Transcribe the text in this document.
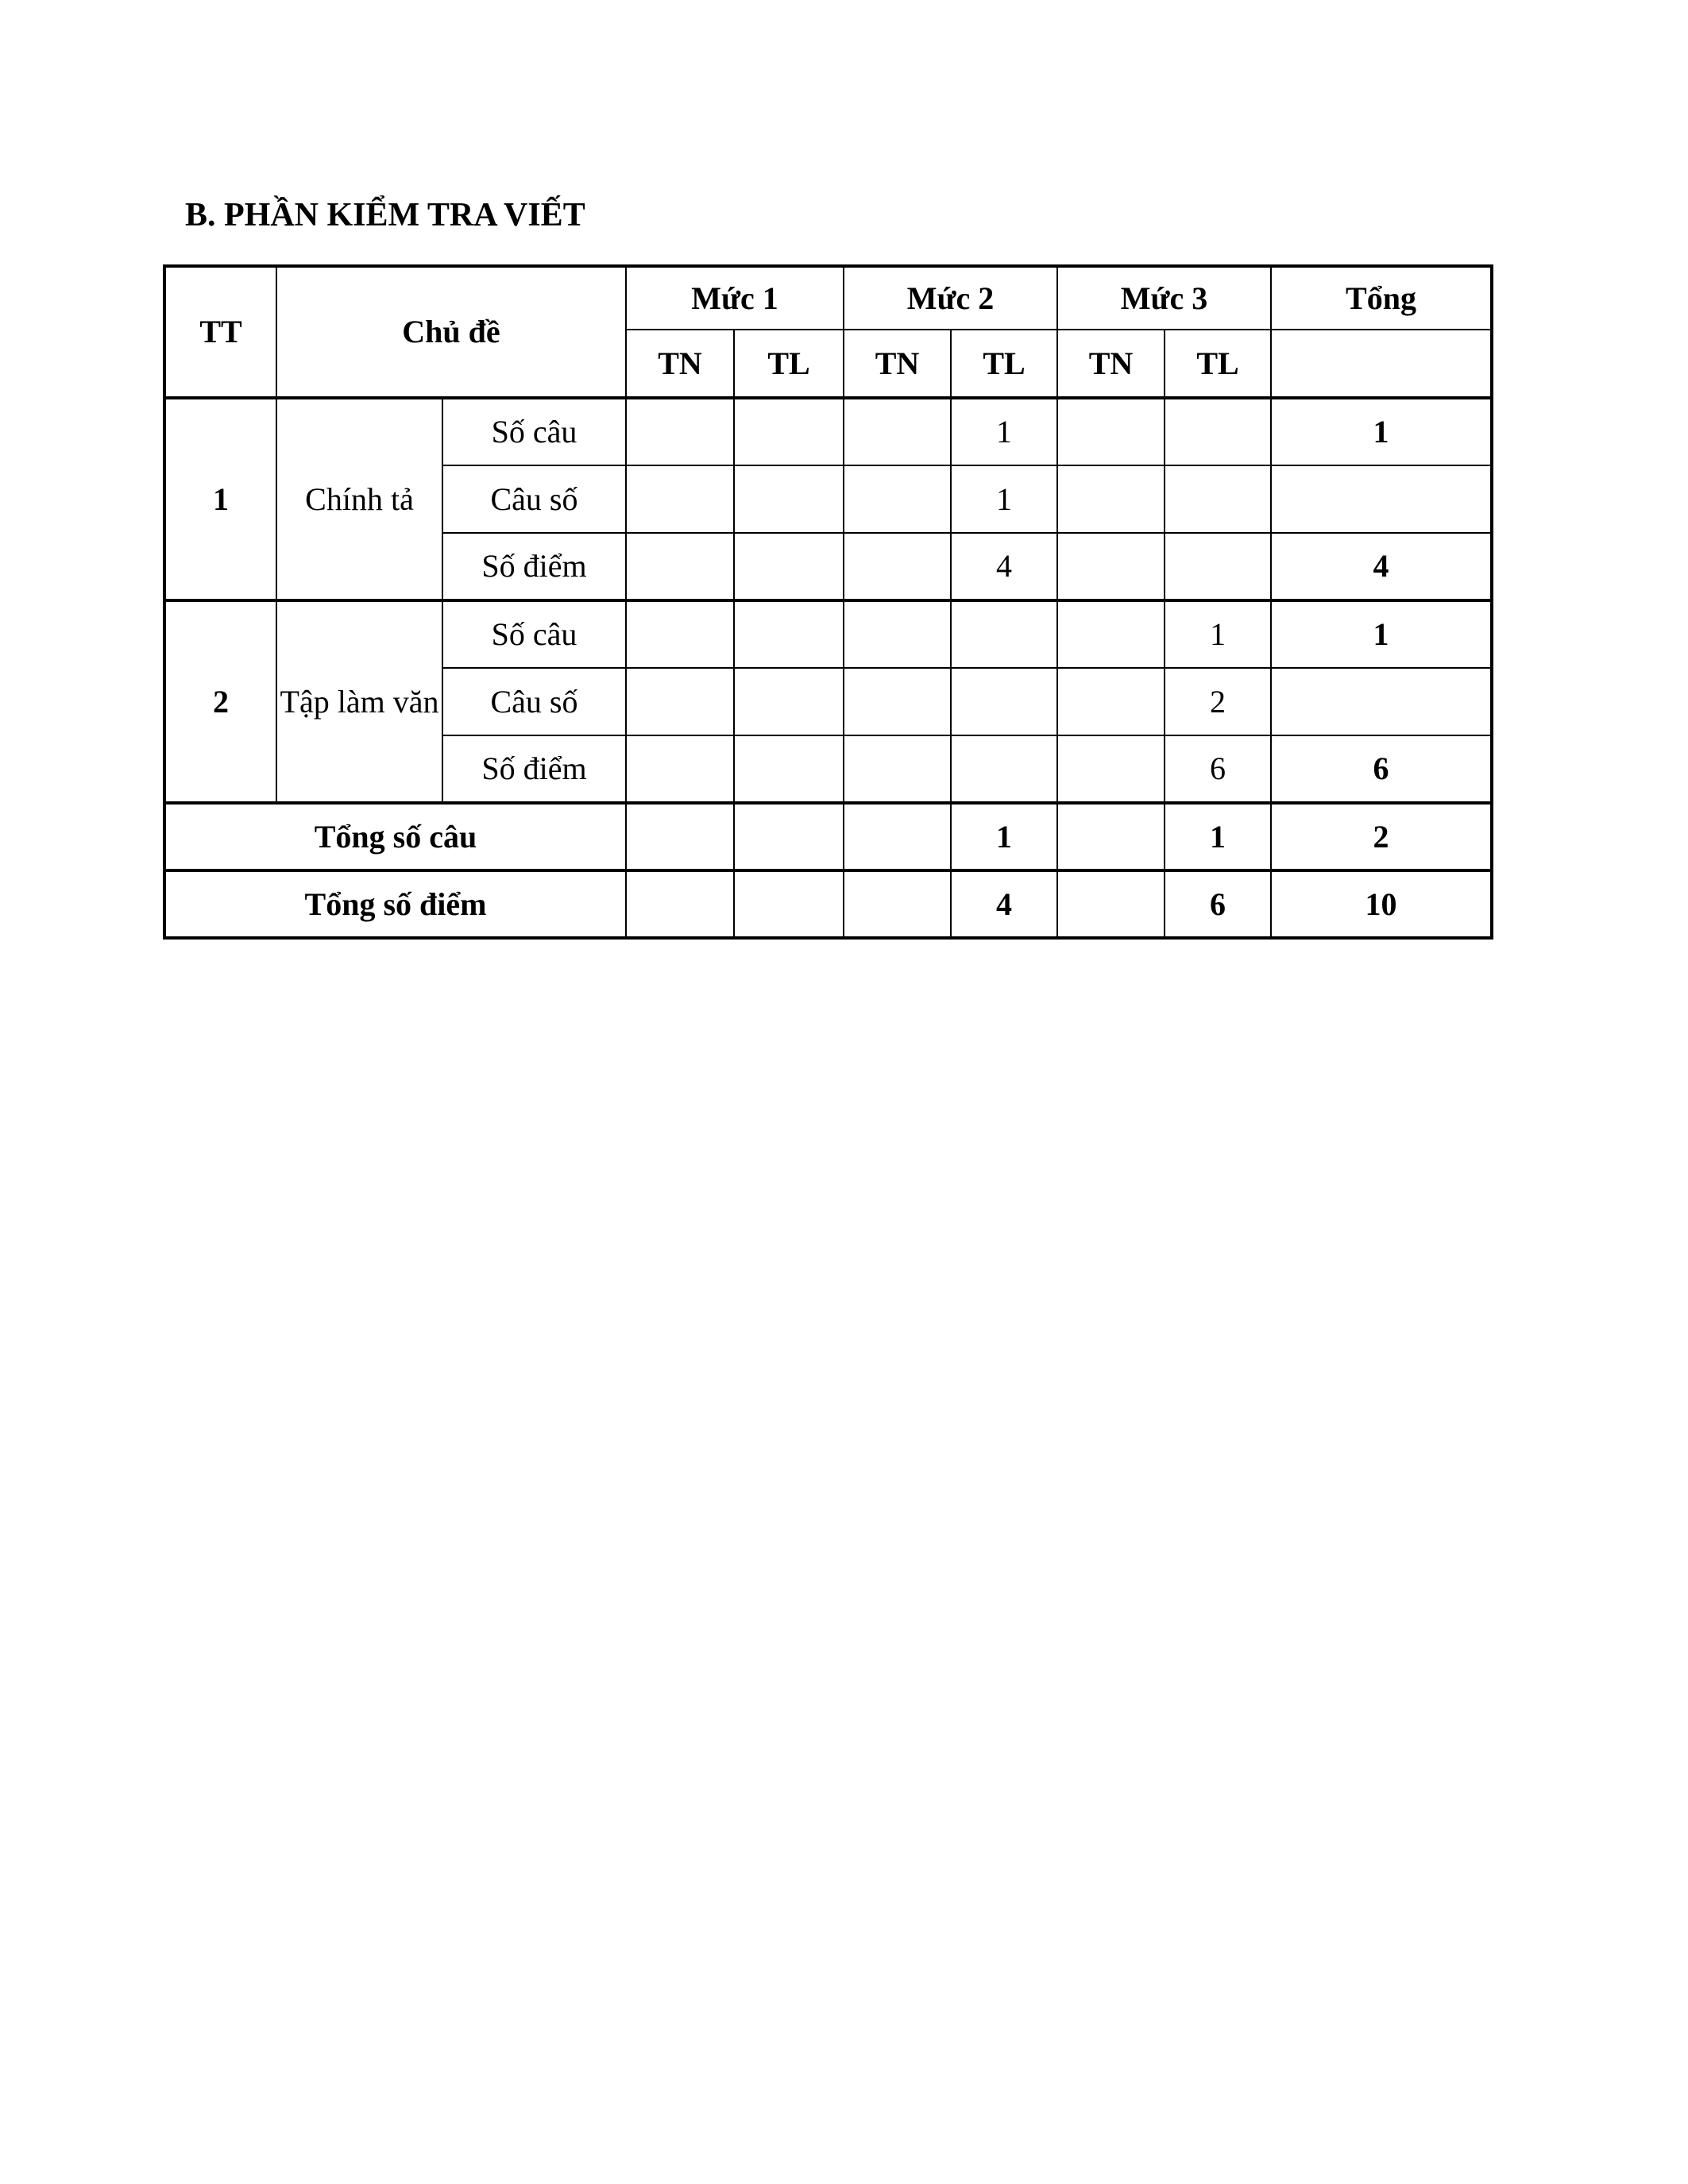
B. PHẦN KIỂM TRA VIẾT
TT	Chủ đề		Mức 1		Mức 2		Mức 3		Tổng
			TN	TL	TN	TL	TN	TL	
1	Chính tả	Số câu				1			1
		Câu số				1			
		Số điểm				4			4
2	Tập làm văn	Số câu						1	1
		Câu số						2	
		Số điểm						6	6
Tổng số câu						1		1	2
Tổng số điểm						4		6	10
